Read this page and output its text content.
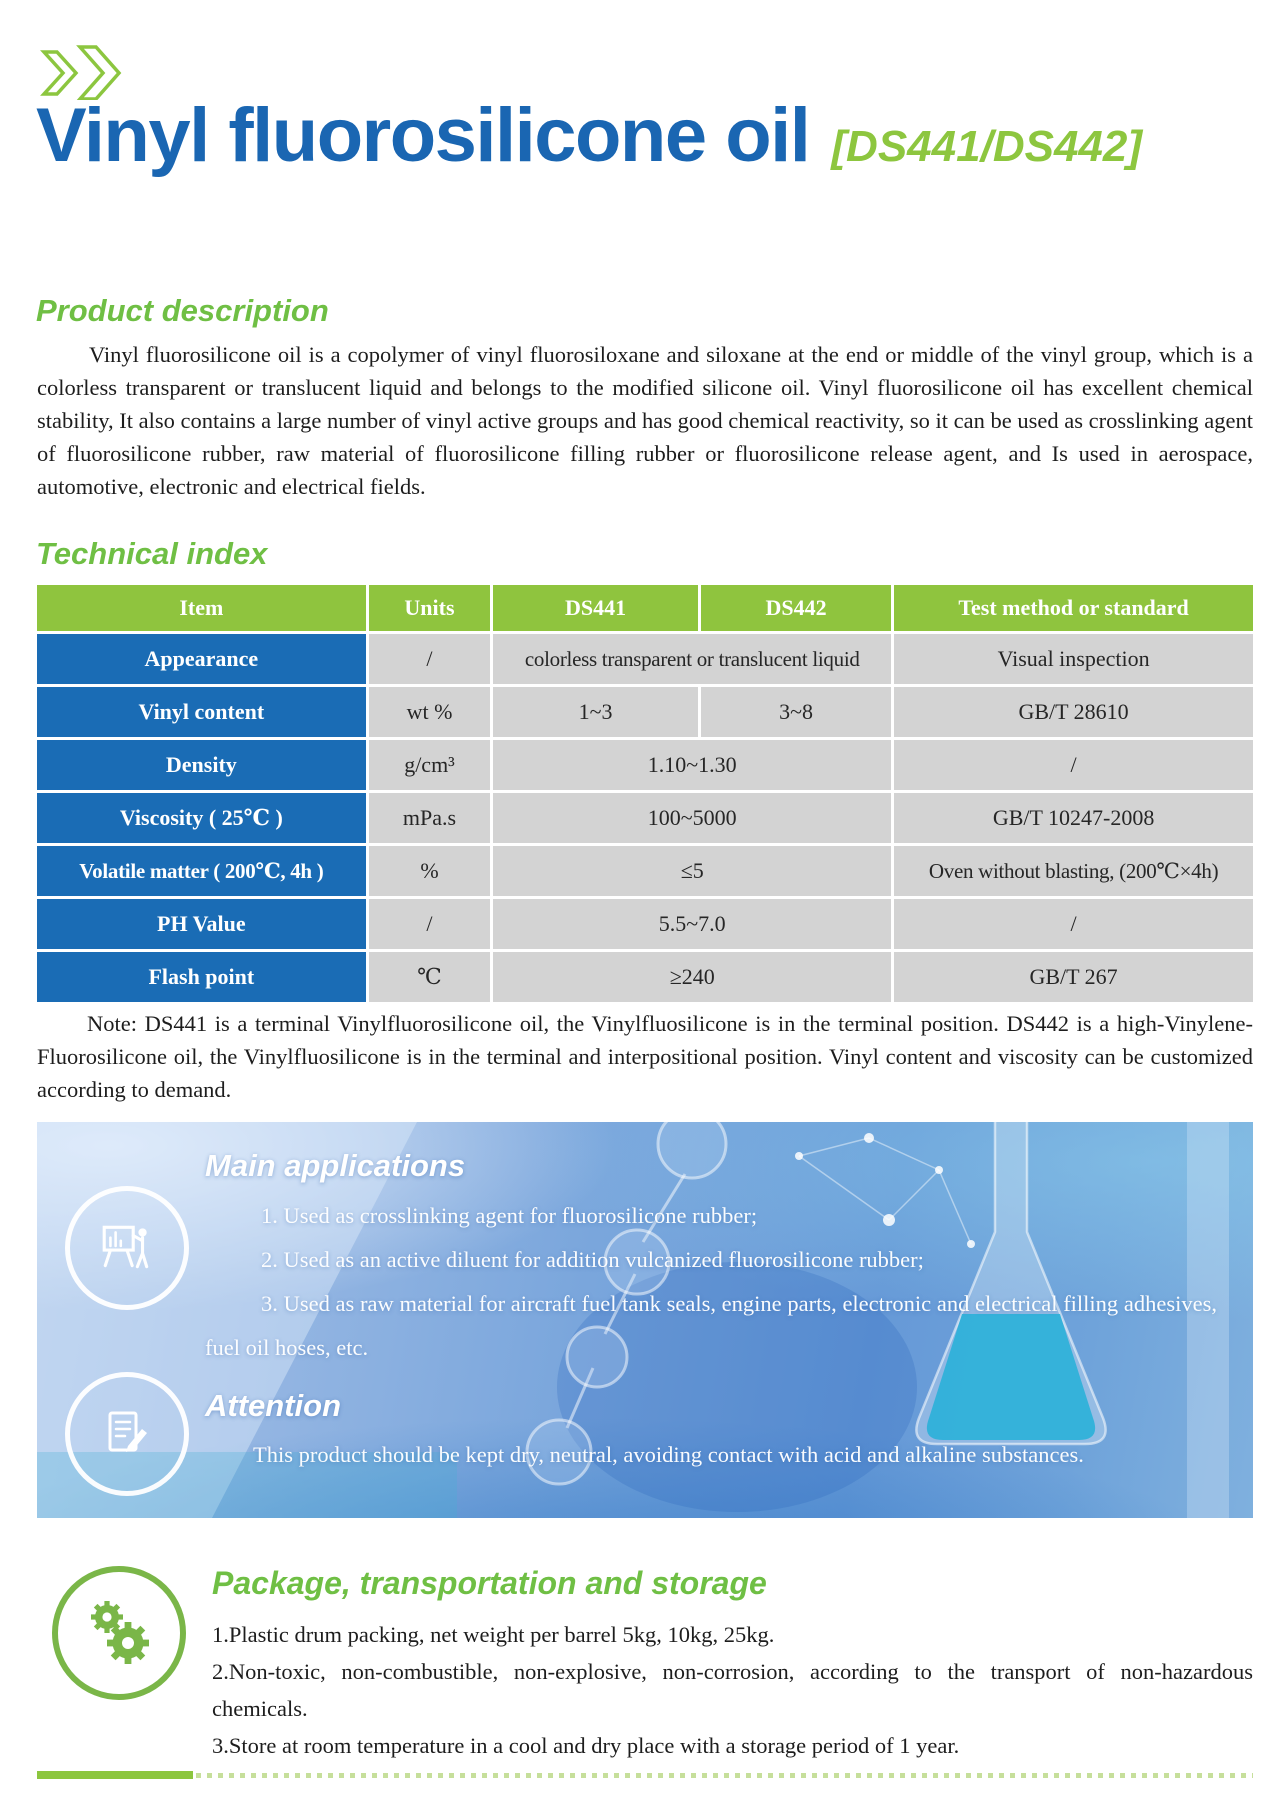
Vinyl fluorosilicone oil [DS441/DS442]
Product description
Vinyl fluorosilicone oil is a copolymer of vinyl fluorosiloxane and siloxane at the end or middle of the vinyl group, which is a colorless transparent or translucent liquid and belongs to the modified silicone oil. Vinyl fluorosilicone oil has excellent chemical stability, It also contains a large number of vinyl active groups and has good chemical reactivity, so it can be used as crosslinking agent of fluorosilicone rubber, raw material of fluorosilicone filling rubber or fluorosilicone release agent, and Is used in aerospace, automotive, electronic and electrical fields.
Technical index
Item	Units	DS441	DS442	Test method or standard
Appearance	/	colorless transparent or translucent liquid		Visual inspection
Vinyl content	wt %	1~3	3~8	GB/T 28610
Density	g/cm³	1.10~1.30		/
Viscosity ( 25℃ )	mPa.s	100~5000		GB/T 10247-2008
Volatile matter ( 200℃, 4h )	%	≤5		Oven without blasting, (200℃×4h)
PH Value	/	5.5~7.0		/
Flash point	℃	≥240		GB/T 267
Note: DS441 is a terminal Vinylfluorosilicone oil, the Vinylfluosilicone is in the terminal position. DS442 is a high-Vinylene-Fluorosilicone oil, the Vinylfluosilicone is in the terminal and interpositional position. Vinyl content and viscosity can be customized according to demand.
Main applications

1. Used as crosslinking agent for fluorosilicone rubber;

2. Used as an active diluent for addition vulcanized fluorosilicone rubber;

3. Used as raw material for aircraft fuel tank seals, engine parts, electronic and electrical filling adhesives, fuel oil hoses, etc.

Attention
This product should be kept dry, neutral, avoiding contact with acid and alkaline substances.
Package, transportation and storage

1.Plastic drum packing, net weight per barrel 5kg, 10kg, 25kg.

2.Non-toxic, non-combustible, non-explosive, non-corrosion, according to the transport of non-hazardous chemicals.

3.Store at room temperature in a cool and dry place with a storage period of 1 year.
